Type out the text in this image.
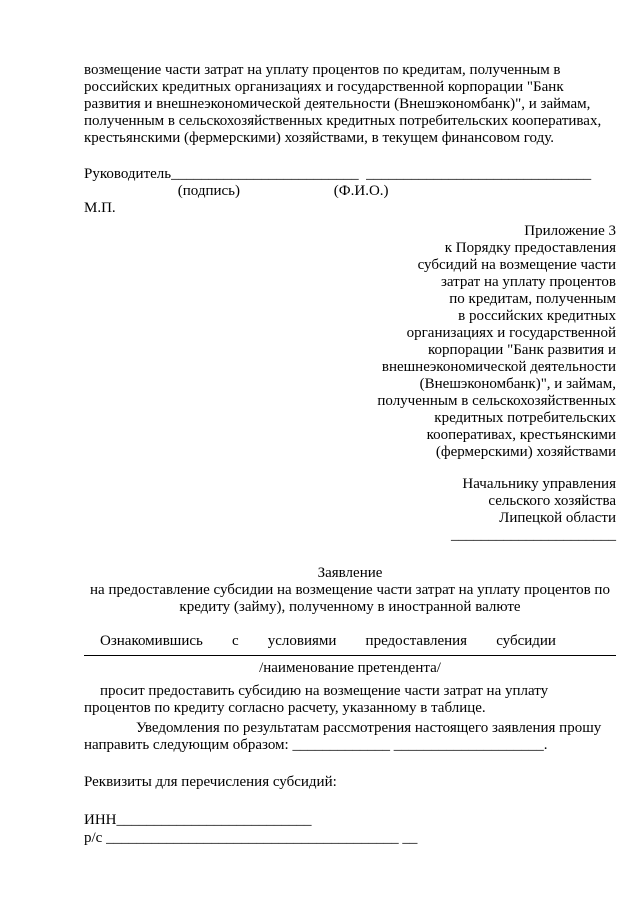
возмещение части затрат на уплату процентов по кредитам, полученным в
российских кредитных организациях и государственной корпорации "Банк
развития и внешнеэкономической деятельности (Внешэкономбанк)", и займам,
полученным в сельскохозяйственных кредитных потребительских кооперативах,
крестьянскими (фермерскими) хозяйствами, в текущем финансовом году.
Руководитель_________________________  ______________________________
(подпись)                         (Ф.И.О.)
М.П.
Приложение 3
к Порядку предоставления
субсидий на возмещение части
затрат на уплату процентов
по кредитам, полученным
в российских кредитных
организациях и государственной
корпорации "Банк развития и
внешнеэкономической деятельности
(Внешэкономбанк)", и займам,
полученным в сельскохозяйственных
кредитных потребительских
кооперативах, крестьянскими
(фермерскими) хозяйствами
Начальнику управления
сельского хозяйства
Липецкой области
______________________
Заявление
на предоставление субсидии на возмещение части затрат на уплату процентов по
кредиту (займу), полученному в иностранной валюте
Ознакомившись с условиями предоставления субсидии
/наименование претендента/
просит предоставить субсидию на возмещение части затрат на уплату
процентов по кредиту согласно расчету, указанному в таблице.
Уведомления по результатам рассмотрения настоящего заявления прошу
направить следующим образом: _____________ ____________________.
Реквизиты для перечисления субсидий:
ИНН__________________________
р/с _______________________________________ __
